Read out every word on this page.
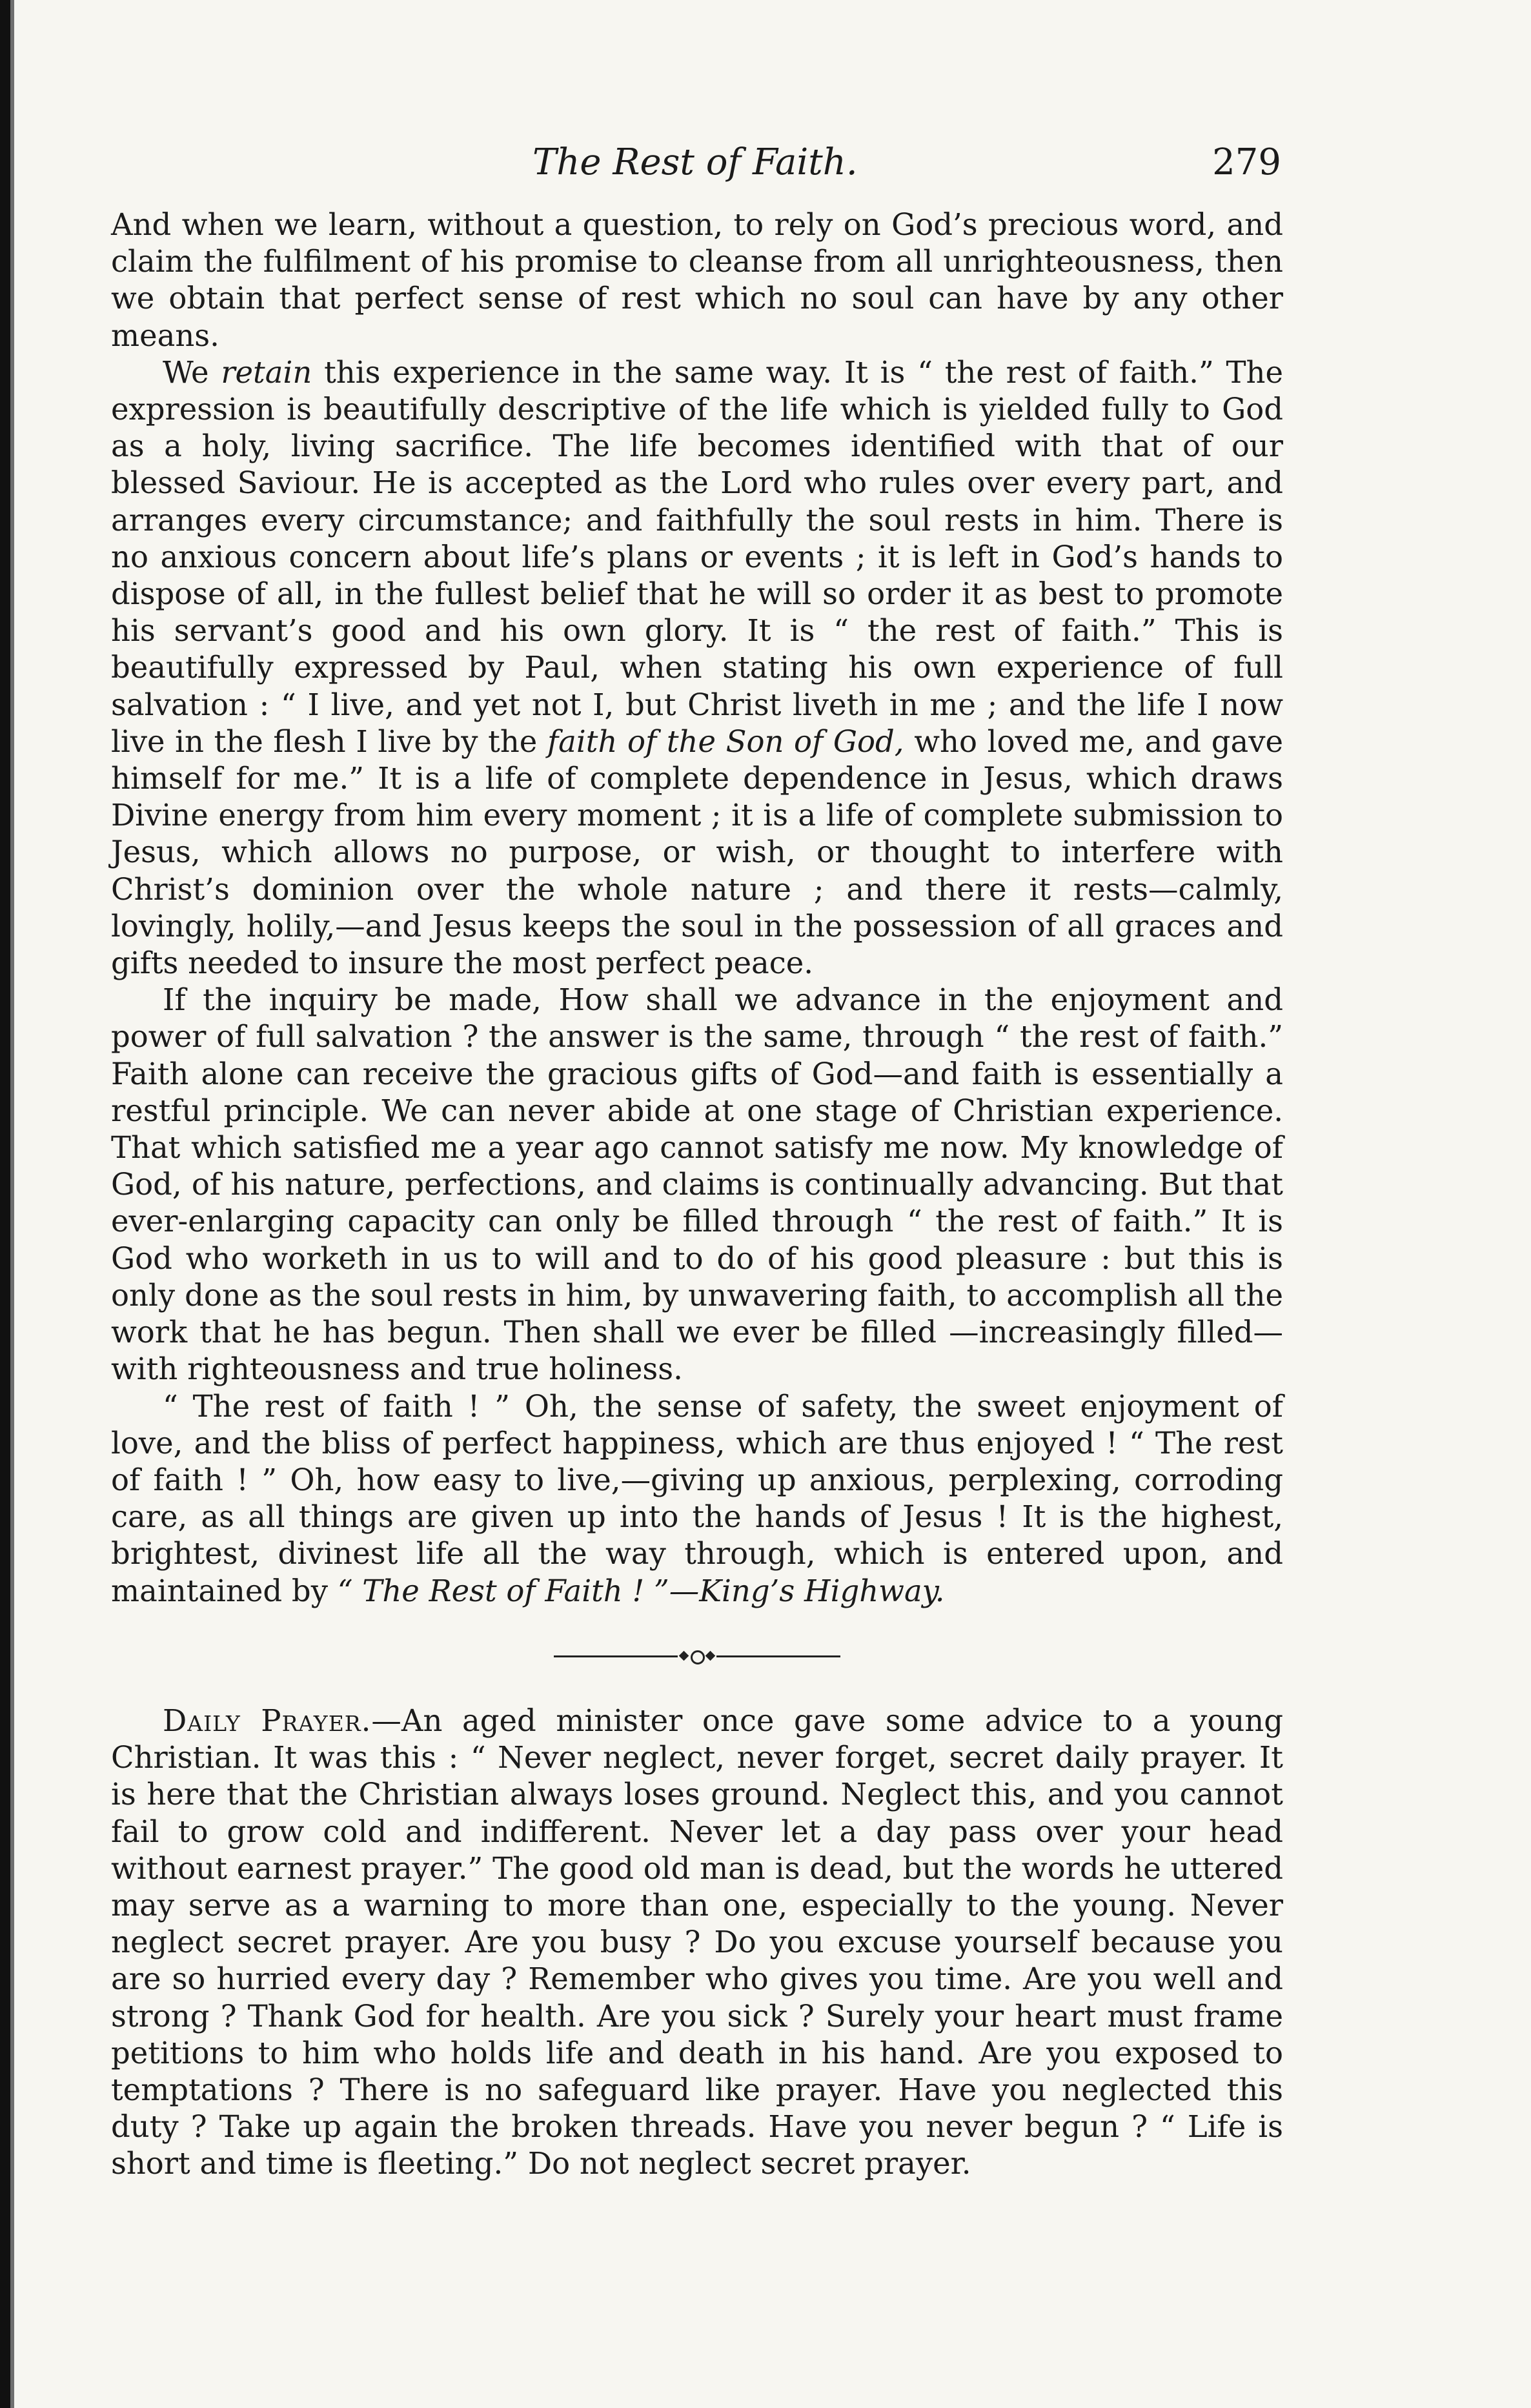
The Rest of Faith.	279

And when we learn, without a question, to rely on God’s precious word, and claim the fulfilment of his promise to cleanse from all unrighteousness, then we obtain that perfect sense of rest which no soul can have by any other means.

We retain this experience in the same way. It is “ the rest of faith.” The expression is beautifully descriptive of the life which is yielded fully to God as a holy, living sacrifice. The life becomes identified with that of our blessed Saviour. He is accepted as the Lord who rules over every part, and arranges every circumstance; and faithfully the soul rests in him. There is no anxious concern about life’s plans or events ; it is left in God’s hands to dispose of all, in the fullest belief that he will so order it as best to promote his servant’s good and his own glory. It is “ the rest of faith.” This is beautifully expressed by Paul, when stating his own experience of full salvation : “ I live, and yet not I, but Christ liveth in me ; and the life I now live in the flesh I live by the faith of the Son of God, who loved me, and gave himself for me.” It is a life of complete dependence in Jesus, which draws Divine energy from him every moment ; it is a life of complete submission to Jesus, which allows no purpose, or wish, or thought to interfere with Christ’s dominion over the whole nature ; and there it rests—calmly, lovingly, holily,—and Jesus keeps the soul in the possession of all graces and gifts needed to insure the most perfect peace.

If the inquiry be made, How shall we advance in the enjoyment and power of full salvation ? the answer is the same, through “ the rest of faith.” Faith alone can receive the gracious gifts of God—and faith is essentially a restful principle. We can never abide at one stage of Christian experience. That which satisfied me a year ago cannot satisfy me now. My knowledge of God, of his nature, perfections, and claims is continually advancing. But that ever-enlarging capacity can only be filled through “ the rest of faith.” It is God who worketh in us to will and to do of his good pleasure : but this is only done as the soul rests in him, by unwavering faith, to accomplish all the work that he has begun. Then shall we ever be filled —increasingly filled—with righteousness and true holiness.

“ The rest of faith ! ” Oh, the sense of safety, the sweet enjoyment of love, and the bliss of perfect happiness, which are thus enjoyed ! “ The rest of faith ! ” Oh, how easy to live,—giving up anxious, perplexing, corroding care, as all things are given up into the hands of Jesus ! It is the highest, brightest, divinest life all the way through, which is entered upon, and maintained by “ The Rest of Faith ! ”—King’s Highway.

Daily Prayer.—An aged minister once gave some advice to a young Christian. It was this : “ Never neglect, never forget, secret daily prayer. It is here that the Christian always loses ground. Neglect this, and you cannot fail to grow cold and indifferent. Never let a day pass over your head without earnest prayer.” The good old man is dead, but the words he uttered may serve as a warning to more than one, especially to the young. Never neglect secret prayer. Are you busy ? Do you excuse yourself because you are so hurried every day ? Remember who gives you time. Are you well and strong ? Thank God for health. Are you sick ? Surely your heart must frame petitions to him who holds life and death in his hand. Are you exposed to temptations ? There is no safeguard like prayer. Have you neglected this duty ? Take up again the broken threads. Have you never begun ? “ Life is short and time is fleeting.” Do not neglect secret prayer.
